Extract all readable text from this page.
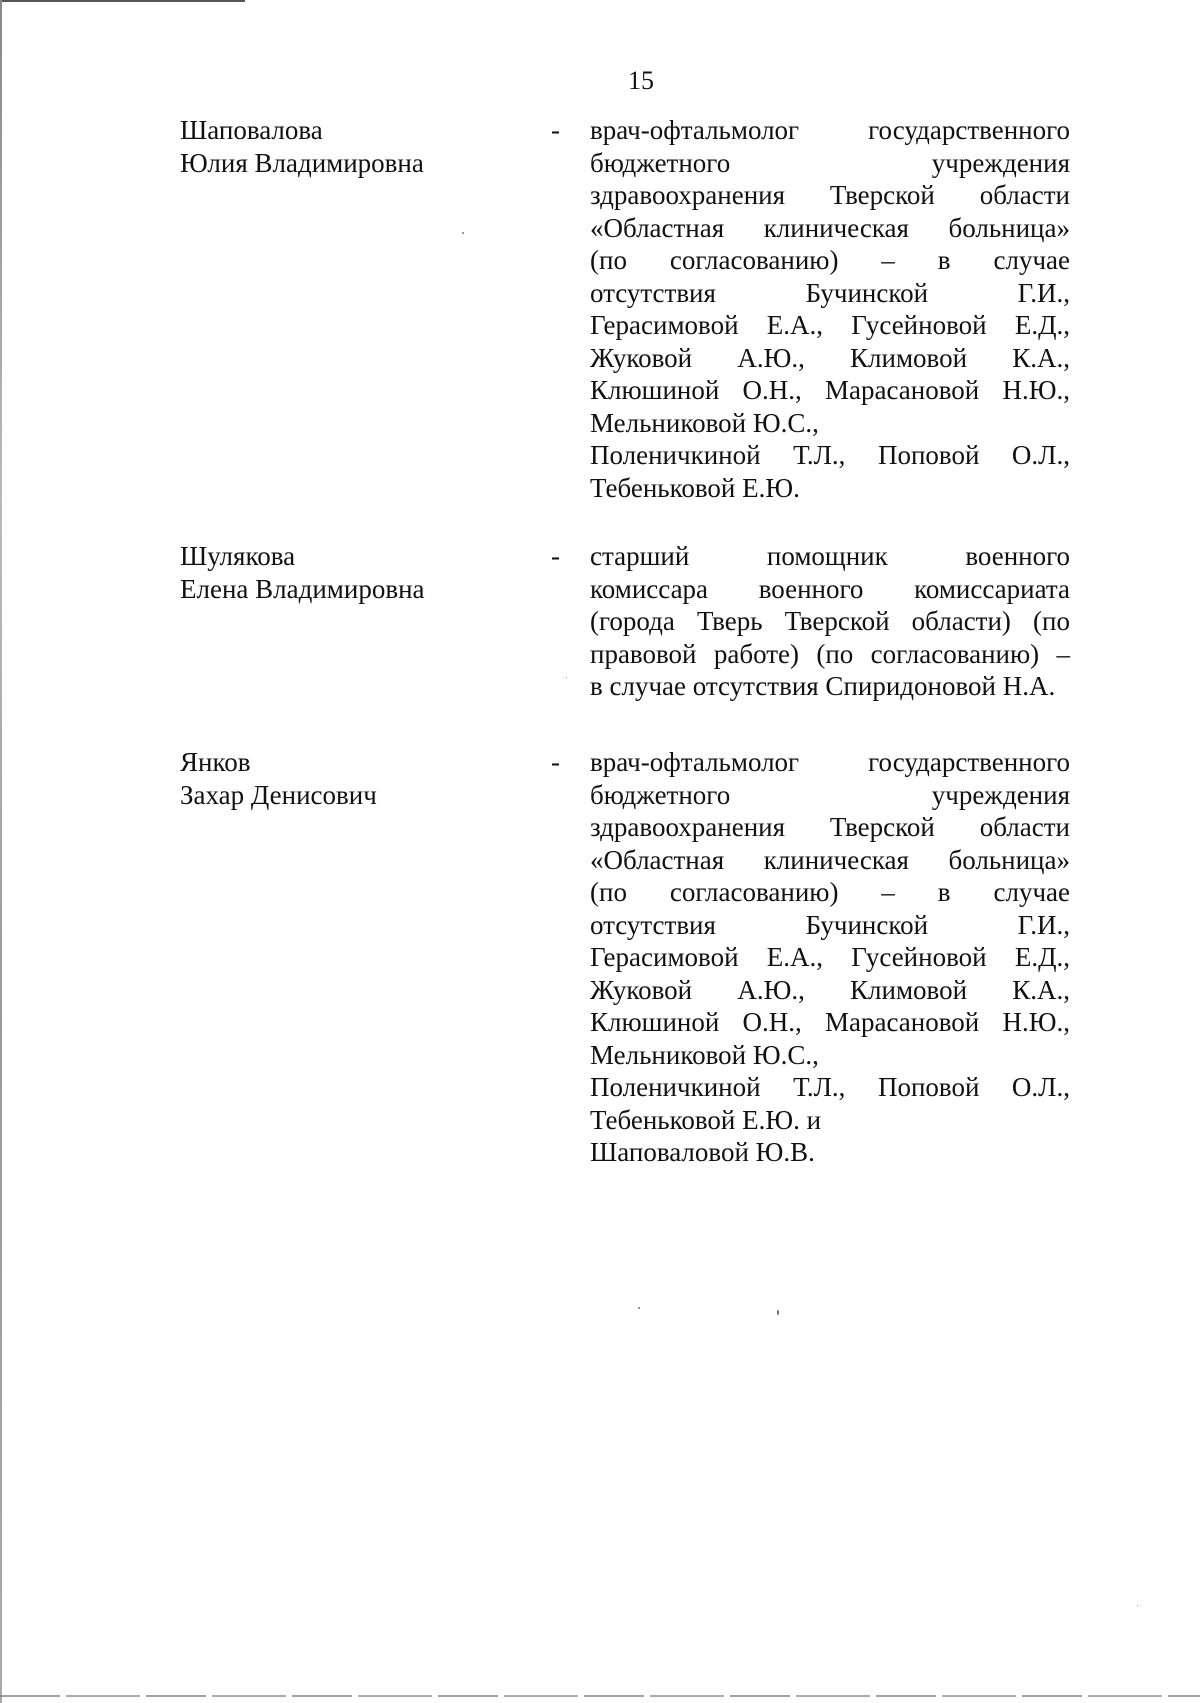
15
Шаповалова
Юлия Владимировна
- врач-офтальмолог государственного
бюджетного учреждения
здравоохранения Тверской области
«Областная клиническая больница»
(по согласованию) – в случае
отсутствия Бучинской Г.И.,
Герасимовой Е.А., Гусейновой Е.Д.,
Жуковой А.Ю., Климовой К.А.,
Клюшиной О.Н., Марасановой Н.Ю.,
Мельниковой Ю.С.,
Поленичкиной Т.Л., Поповой О.Л.,
Тебеньковой Е.Ю.
Шулякова
Елена Владимировна
- старший помощник военного
комиссара военного комиссариата
(города Тверь Тверской области) (по
правовой работе) (по согласованию) –
в случае отсутствия Спиридоновой Н.А.
Янков
Захар Денисович
- врач-офтальмолог государственного
бюджетного учреждения
здравоохранения Тверской области
«Областная клиническая больница»
(по согласованию) – в случае
отсутствия Бучинской Г.И.,
Герасимовой Е.А., Гусейновой Е.Д.,
Жуковой А.Ю., Климовой К.А.,
Клюшиной О.Н., Марасановой Н.Ю.,
Мельниковой Ю.С.,
Поленичкиной Т.Л., Поповой О.Л.,
Тебеньковой Е.Ю. и
Шаповаловой Ю.В.
